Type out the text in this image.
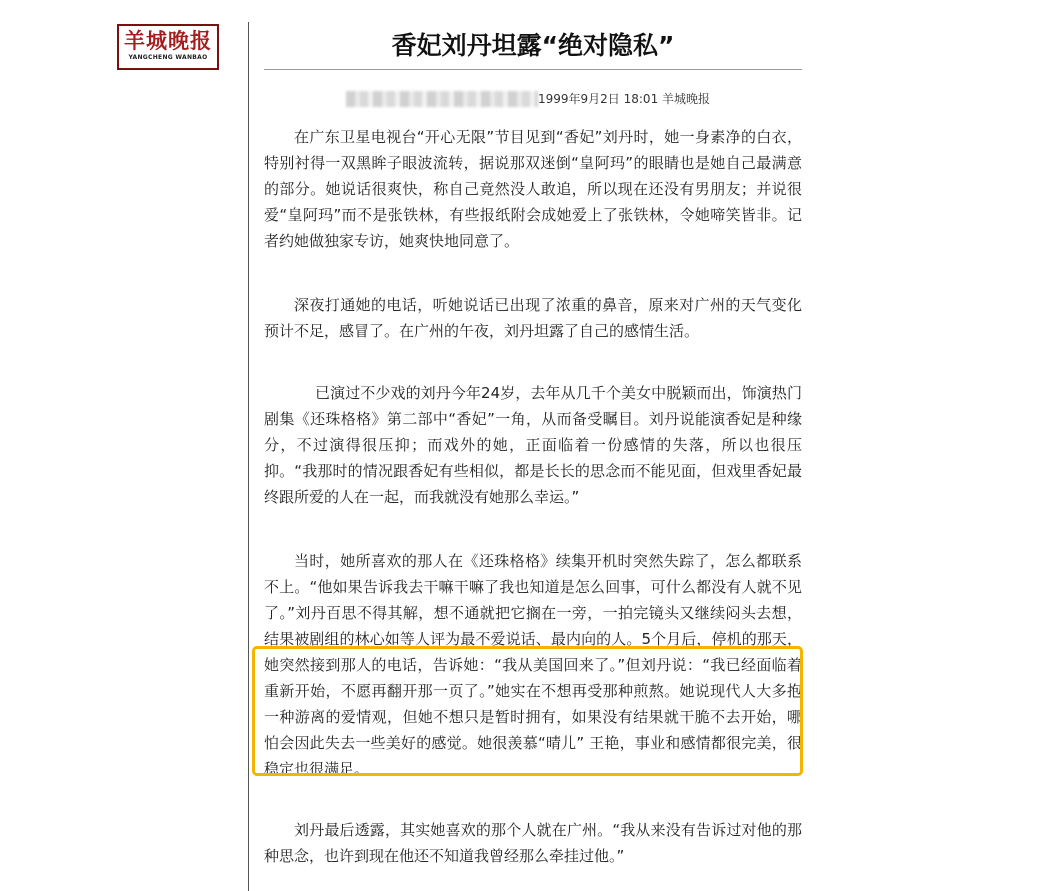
羊城晚报
YANGCHENG WANBAO	香妃刘丹坦露“绝对隐私”
1999年9月2日 18:01 羊城晚报

在广东卫星电视台“开心无限”节目见到“香妃”刘丹时，她一身素净的白衣，特别衬得一双黑眸子眼波流转，据说那双迷倒“皇阿玛”的眼睛也是她自己最满意的部分。她说话很爽快，称自己竟然没人敢追，所以现在还没有男朋友；并说很爱“皇阿玛”而不是张铁林，有些报纸附会成她爱上了张铁林，令她啼笑皆非。记者约她做独家专访，她爽快地同意了。

深夜打通她的电话，听她说话已出现了浓重的鼻音，原来对广州的天气变化预计不足，感冒了。在广州的午夜，刘丹坦露了自己的感情生活。

已演过不少戏的刘丹今年24岁，去年从几千个美女中脱颖而出，饰演热门剧集《还珠格格》第二部中“香妃”一角，从而备受瞩目。刘丹说能演香妃是种缘分，不过演得很压抑；而戏外的她，正面临着一份感情的失落，所以也很压抑。“我那时的情况跟香妃有些相似，都是长长的思念而不能见面，但戏里香妃最终跟所爱的人在一起，而我就没有她那么幸运。”

当时，她所喜欢的那人在《还珠格格》续集开机时突然失踪了，怎么都联系不上。“他如果告诉我去干嘛干嘛了我也知道是怎么回事，可什么都没有人就不见了。”刘丹百思不得其解，想不通就把它搁在一旁，一拍完镜头又继续闷头去想，结果被剧组的林心如等人评为最不爱说话、最内向的人。5个月后，停机的那天，她突然接到那人的电话，告诉她：“我从美国回来了。”但刘丹说：“我已经面临着重新开始，不愿再翻开那一页了。”她实在不想再受那种煎熬。她说现代人大多抱一种游离的爱情观，但她不想只是暂时拥有，如果没有结果就干脆不去开始，哪怕会因此失去一些美好的感觉。她很羡慕“晴儿” 王艳，事业和感情都很完美，很稳定也很满足。

刘丹最后透露，其实她喜欢的那个人就在广州。“我从来没有告诉过对他的那种思念，也许到现在他还不知道我曾经那么牵挂过他。”
